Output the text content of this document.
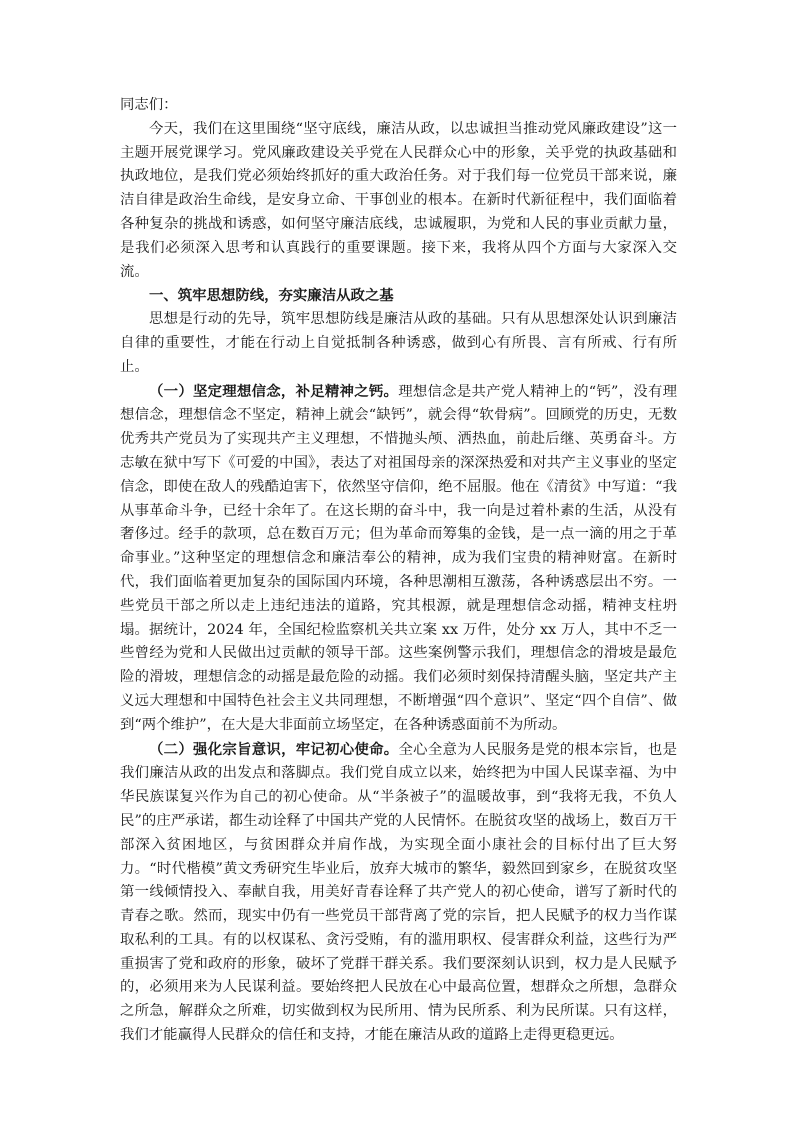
同志们：

今天，我们在这里围绕“坚守底线，廉洁从政，以忠诚担当推动党风廉政建设”这一主题开展党课学习。党风廉政建设关乎党在人民群众心中的形象，关乎党的执政基础和执政地位，是我们党必须始终抓好的重大政治任务。对于我们每一位党员干部来说，廉洁自律是政治生命线，是安身立命、干事创业的根本。在新时代新征程中，我们面临着各种复杂的挑战和诱惑，如何坚守廉洁底线，忠诚履职，为党和人民的事业贡献力量，是我们必须深入思考和认真践行的重要课题。接下来，我将从四个方面与大家深入交流。

一、筑牢思想防线，夯实廉洁从政之基

思想是行动的先导，筑牢思想防线是廉洁从政的基础。只有从思想深处认识到廉洁自律的重要性，才能在行动上自觉抵制各种诱惑，做到心有所畏、言有所戒、行有所止。

（一）坚定理想信念，补足精神之钙。理想信念是共产党人精神上的“钙”，没有理想信念，理想信念不坚定，精神上就会“缺钙”，就会得“软骨病”。回顾党的历史，无数优秀共产党员为了实现共产主义理想，不惜抛头颅、洒热血，前赴后继、英勇奋斗。方志敏在狱中写下《可爱的中国》，表达了对祖国母亲的深深热爱和对共产主义事业的坚定信念，即使在敌人的残酷迫害下，依然坚守信仰，绝不屈服。他在《清贫》中写道：“我从事革命斗争，已经十余年了。在这长期的奋斗中，我一向是过着朴素的生活，从没有奢侈过。经手的款项，总在数百万元；但为革命而筹集的金钱，是一点一滴的用之于革命事业。”这种坚定的理想信念和廉洁奉公的精神，成为我们宝贵的精神财富。在新时代，我们面临着更加复杂的国际国内环境，各种思潮相互激荡，各种诱惑层出不穷。一些党员干部之所以走上违纪违法的道路，究其根源，就是理想信念动摇，精神支柱坍塌。据统计，2024 年，全国纪检监察机关共立案 xx 万件，处分 xx 万人，其中不乏一些曾经为党和人民做出过贡献的领导干部。这些案例警示我们，理想信念的滑坡是最危险的滑坡，理想信念的动摇是最危险的动摇。我们必须时刻保持清醒头脑，坚定共产主义远大理想和中国特色社会主义共同理想，不断增强“四个意识”、坚定“四个自信”、做到“两个维护”，在大是大非面前立场坚定，在各种诱惑面前不为所动。

（二）强化宗旨意识，牢记初心使命。全心全意为人民服务是党的根本宗旨，也是我们廉洁从政的出发点和落脚点。我们党自成立以来，始终把为中国人民谋幸福、为中华民族谋复兴作为自己的初心使命。从“半条被子”的温暖故事，到“我将无我，不负人民”的庄严承诺，都生动诠释了中国共产党的人民情怀。在脱贫攻坚的战场上，数百万干部深入贫困地区，与贫困群众并肩作战，为实现全面小康社会的目标付出了巨大努力。“时代楷模”黄文秀研究生毕业后，放弃大城市的繁华，毅然回到家乡，在脱贫攻坚第一线倾情投入、奉献自我，用美好青春诠释了共产党人的初心使命，谱写了新时代的青春之歌。然而，现实中仍有一些党员干部背离了党的宗旨，把人民赋予的权力当作谋取私利的工具。有的以权谋私、贪污受贿，有的滥用职权、侵害群众利益，这些行为严重损害了党和政府的形象，破坏了党群干群关系。我们要深刻认识到，权力是人民赋予的，必须用来为人民谋利益。要始终把人民放在心中最高位置，想群众之所想，急群众之所急，解群众之所难，切实做到权为民所用、情为民所系、利为民所谋。只有这样，我们才能赢得人民群众的信任和支持，才能在廉洁从政的道路上走得更稳更远。
